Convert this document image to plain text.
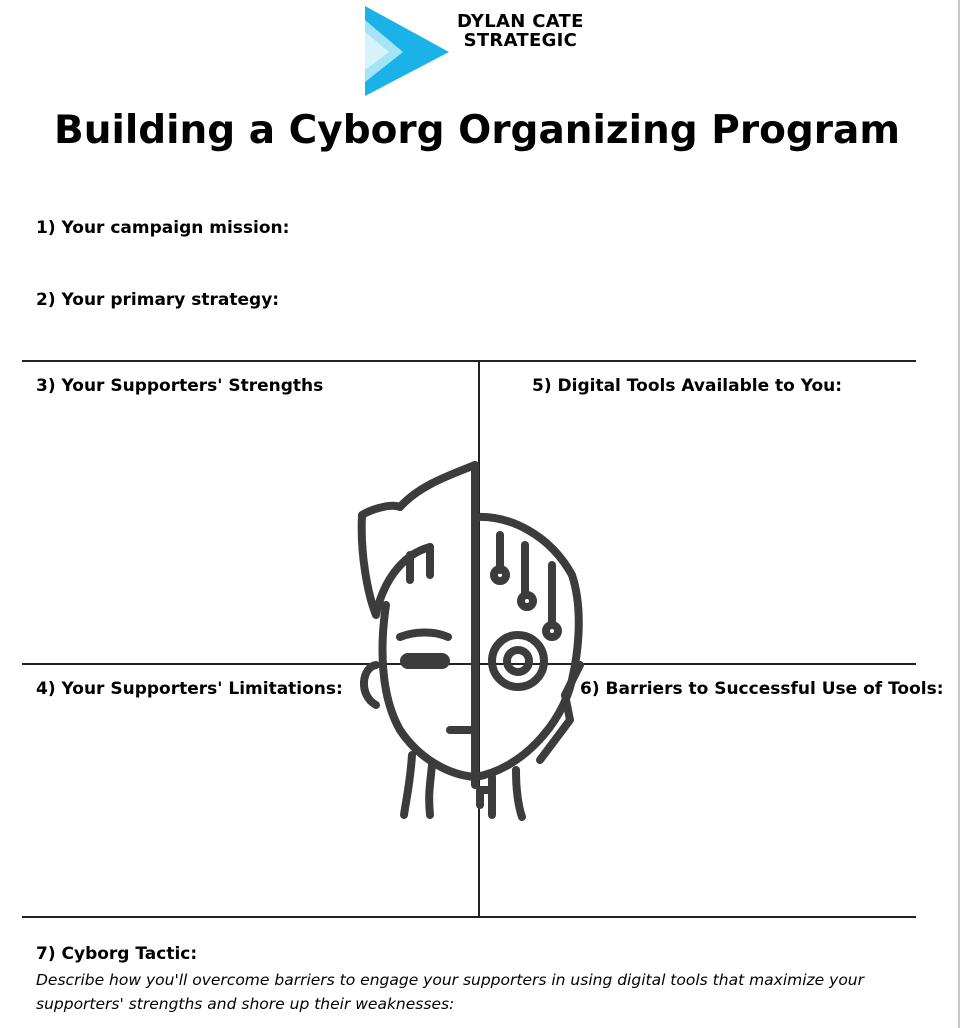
DYLAN CATE
STRATEGIC
Building a Cyborg Organizing Program
1) Your campaign mission:
2) Your primary strategy:
3) Your Supporters' Strengths	5) Digital Tools Available to You:
4) Your Supporters' Limitations:	6) Barriers to Successful Use of Tools:
7) Cyborg Tactic:
Describe how you'll overcome barriers to engage your supporters in using digital tools that maximize your supporters' strengths and shore up their weaknesses:
